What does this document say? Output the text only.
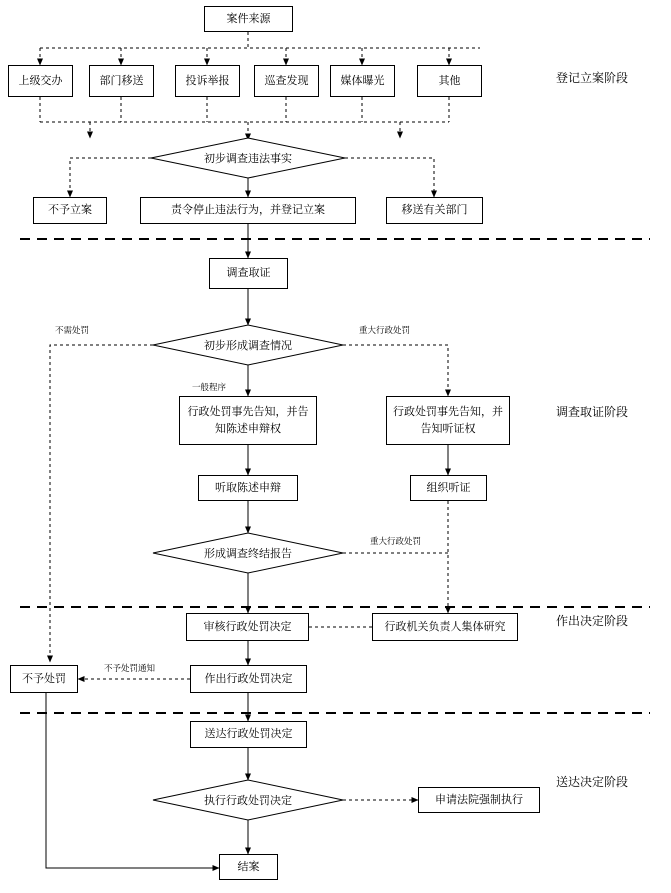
登记立案阶段
调查取证阶段
作出决定阶段
送达决定阶段
案件来源
上级交办	部门移送	投诉举报	巡查发现	媒体曝光	其他
初步调查违法事实
不予立案	责令停止违法行为，并登记立案	移送有关部门
调查取证
初步形成调查情况
行政处罚事先告知，并告知陈述申辩权
行政处罚事先告知，并告知听证权
听取陈述申辩	组织听证
形成调查终结报告
审核行政处罚决定	行政机关负责人集体研究
不予处罚	作出行政处罚决定
送达行政处罚决定
执行行政处罚决定	申请法院强制执行
结案
不需处罚	重大行政处罚
一般程序
重大行政处罚
不予处罚通知
